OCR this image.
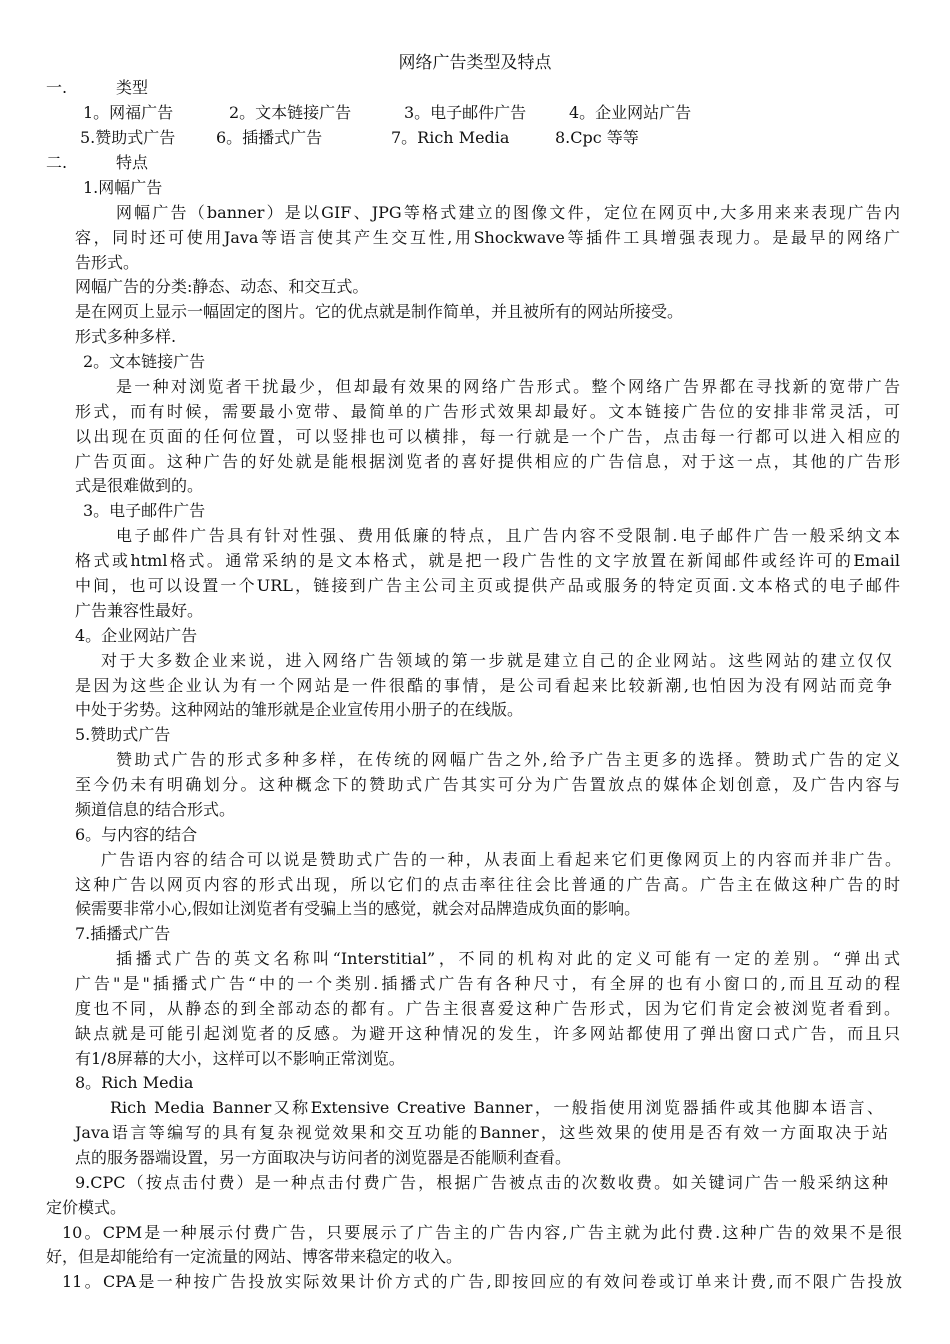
网络广告类型及特点
一.	类型
1。网福广告	2。文本链接广告	3。电子邮件广告	4。企业网站广告
5.赞助式广告	6。插播式广告	7。Rich Media	8.Cpc 等等
二.	特点
1.网幅广告
网幅广告（banner）是以GIF、JPG等格式建立的图像文件，定位在网页中,大多用来来表现广告内
容，同时还可使用Java等语言使其产生交互性,用Shockwave等插件工具增强表现力。是最早的网络广
告形式。
网幅广告的分类:静态、动态、和交互式。
是在网页上显示一幅固定的图片。它的优点就是制作简单，并且被所有的网站所接受。
形式多种多样.
2。文本链接广告
是一种对浏览者干扰最少，但却最有效果的网络广告形式。整个网络广告界都在寻找新的宽带广告
形式，而有时候，需要最小宽带、最简单的广告形式效果却最好。文本链接广告位的安排非常灵活，可
以出现在页面的任何位置，可以竖排也可以横排，每一行就是一个广告，点击每一行都可以进入相应的
广告页面。这种广告的好处就是能根据浏览者的喜好提供相应的广告信息，对于这一点，其他的广告形
式是很难做到的。
3。电子邮件广告
电子邮件广告具有针对性强、费用低廉的特点，且广告内容不受限制.电子邮件广告一般采纳文本
格式或html格式。通常采纳的是文本格式，就是把一段广告性的文字放置在新闻邮件或经许可的Email
中间，也可以设置一个URL，链接到广告主公司主页或提供产品或服务的特定页面.文本格式的电子邮件
广告兼容性最好。
4。企业网站广告
对于大多数企业来说，进入网络广告领域的第一步就是建立自己的企业网站。这些网站的建立仅仅
是因为这些企业认为有一个网站是一件很酷的事情，是公司看起来比较新潮,也怕因为没有网站而竞争
中处于劣势。这种网站的雏形就是企业宣传用小册子的在线版。
5.赞助式广告
赞助式广告的形式多种多样，在传统的网幅广告之外,给予广告主更多的选择。赞助式广告的定义
至今仍未有明确划分。这种概念下的赞助式广告其实可分为广告置放点的媒体企划创意，及广告内容与
频道信息的结合形式。
6。与内容的结合
广告语内容的结合可以说是赞助式广告的一种，从表面上看起来它们更像网页上的内容而并非广告。
这种广告以网页内容的形式出现，所以它们的点击率往往会比普通的广告高。广告主在做这种广告的时
候需要非常小心,假如让浏览者有受骗上当的感觉，就会对品牌造成负面的影响。
7.插播式广告
插播式广告的英文名称叫“Interstitial”，不同的机构对此的定义可能有一定的差别。“弹出式
广告"是"插播式广告“中的一个类别.插播式广告有各种尺寸，有全屏的也有小窗口的,而且互动的程
度也不同，从静态的到全部动态的都有。广告主很喜爱这种广告形式，因为它们肯定会被浏览者看到。
缺点就是可能引起浏览者的反感。为避开这种情况的发生，许多网站都使用了弹出窗口式广告，而且只
有1/8屏幕的大小，这样可以不影响正常浏览。
8。Rich Media
Rich Media Banner又称Extensive Creative Banner，一般指使用浏览器插件或其他脚本语言、
Java语言等编写的具有复杂视觉效果和交互功能的Banner，这些效果的使用是否有效一方面取决于站
点的服务器端设置，另一方面取决与访问者的浏览器是否能顺利查看。
9.CPC（按点击付费）是一种点击付费广告，根据广告被点击的次数收费。如关键词广告一般采纳这种
定价模式。
10。CPM是一种展示付费广告，只要展示了广告主的广告内容,广告主就为此付费.这种广告的效果不是很
好，但是却能给有一定流量的网站、博客带来稳定的收入。
11。CPA是一种按广告投放实际效果计价方式的广告,即按回应的有效问卷或订单来计费,而不限广告投放
